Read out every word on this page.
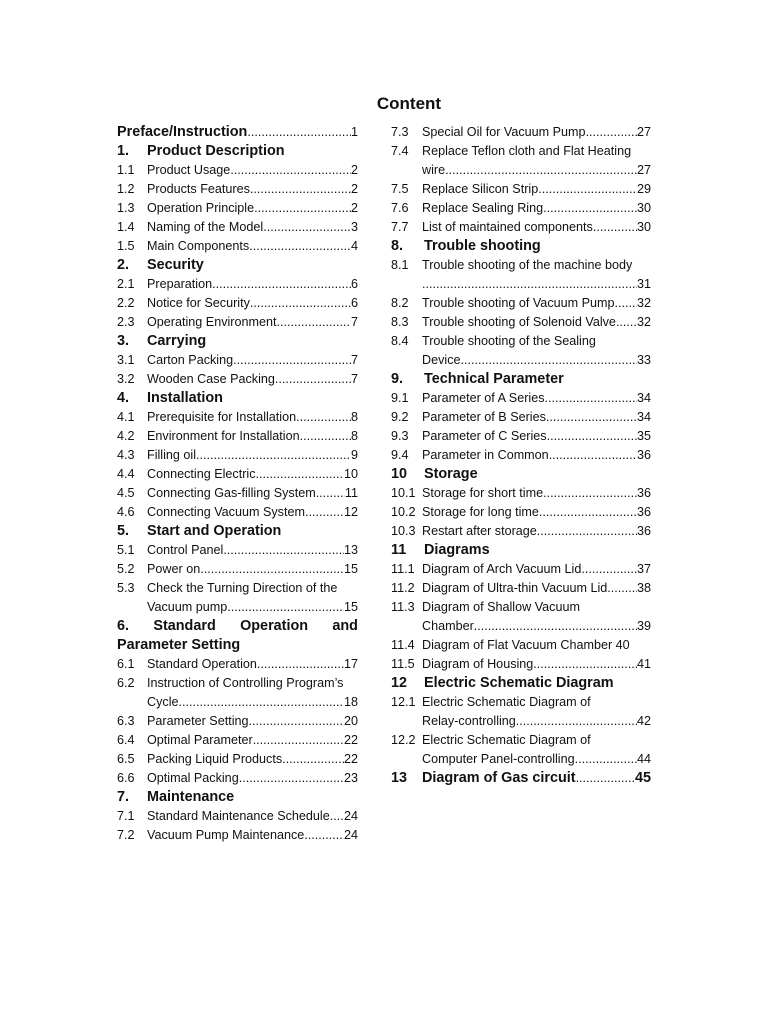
Content
Preface/Instruction .....	1
1.	Product Description
1.1 Product Usage .....	2
1.2 Products Features .....	2
1.3 Operation Principle .....	2
1.4 Naming of the Model .....	3
1.5 Main Components .....	4
2.	Security
2.1 Preparation .....	6
2.2 Notice for Security .....	6
2.3 Operating Environment .....	7
3.	Carrying
3.1 Carton Packing .....	7
3.2 Wooden Case Packing .....	7
4.	Installation
4.1 Prerequisite for Installation .....	8
4.2 Environment for Installation .....	8
4.3 Filling oil .....	9
4.4 Connecting Electric .....	10
4.5 Connecting Gas-filling System ..... 11
4.6 Connecting Vacuum System .....	12
5.	Start and Operation
5.1 Control Panel .....	13
5.2 Power on .....	15
5.3 Check the Turning Direction of the
Vacuum pump .....	15
6. Standard Operation and
Parameter Setting
6.1 Standard Operation .....	17
6.2 Instruction of Controlling Program’s
Cycle .....	18
6.3 Parameter Setting .....	20
6.4 Optimal Parameter .....	22
6.5 Packing Liquid Products .....	22
6.6 Optimal Packing .....	23
7.	Maintenance
7.1 Standard Maintenance Schedule ..... 24
7.2 Vacuum Pump Maintenance .....	24
7.3	Special Oil for Vacuum Pump .....	27
7.4	Replace Teflon cloth and Flat Heating
wire .....	27
7.5	Replace Silicon Strip .....	29
7.6	Replace Sealing Ring .....	30
7.7	List of maintained components .....	30
8.	Trouble shooting
8.1	Trouble shooting of the machine body
.....
31
8.2	Trouble shooting of Vacuum Pump ..... 32
8.3	Trouble shooting of Solenoid Valve ..... 32
8.4	Trouble shooting of the Sealing
Device .....	33
9.	Technical Parameter
9.1	Parameter of A Series .....	34
9.2	Parameter of B Series .....	34
9.3	Parameter of C Series .....	35
9.4	Parameter in Common .....	36
10	Storage
10.1 Storage for short time .....	36
10.2 Storage for long time .....	36
10.3 Restart after storage .....	36
11	Diagrams
11.1 Diagram of Arch Vacuum Lid .....	37
11.2 Diagram of Ultra-thin Vacuum Lid ..... 38
11.3 Diagram of Shallow Vacuum
Chamber .....	39
11.4 Diagram of Flat Vacuum Chamber 40
11.5 Diagram of Housing .....	41
12	Electric Schematic Diagram
12.1 Electric Schematic Diagram of
Relay-controlling .....	42
12.2 Electric Schematic Diagram of
Computer Panel-controlling .....	44
13	Diagram of Gas circuit .....	45
